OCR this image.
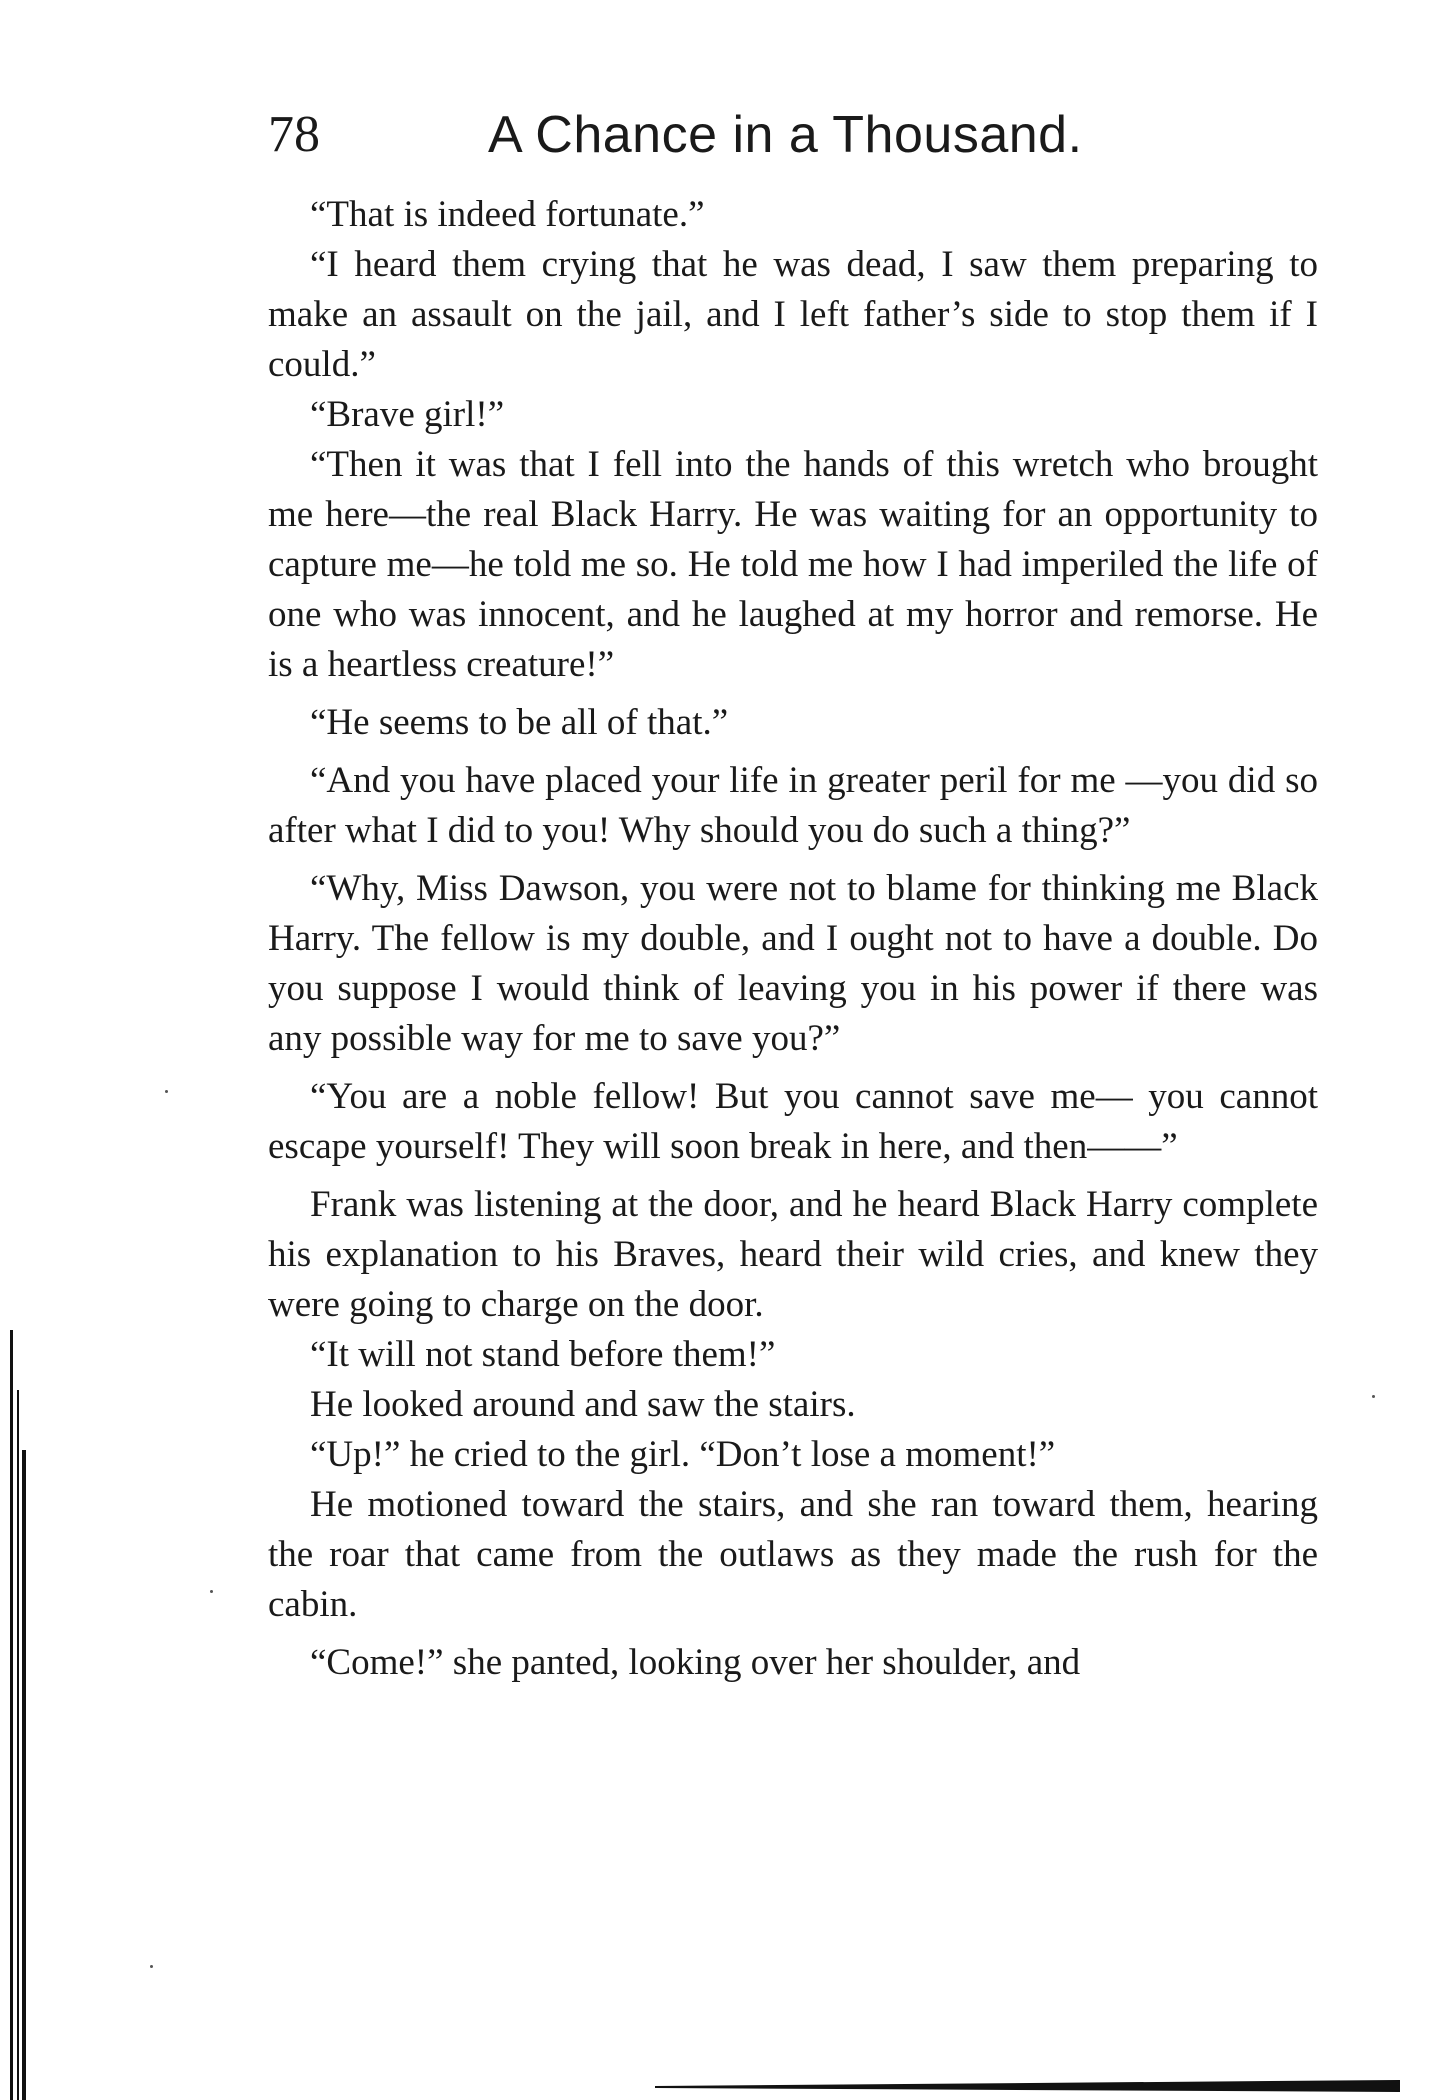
78	A Chance in a Thousand.

“That is indeed fortunate.”

“I heard them crying that he was dead, I saw them preparing to make an assault on the jail, and I left father’s side to stop them if I could.”

“Brave girl!”

“Then it was that I fell into the hands of this wretch who brought me here—the real Black Harry. He was waiting for an opportunity to capture me—he told me so. He told me how I had imperiled the life of one who was innocent, and he laughed at my horror and remorse. He is a heartless creature!”

“He seems to be all of that.”

“And you have placed your life in greater peril for me —you did so after what I did to you! Why should you do such a thing?”

“Why, Miss Dawson, you were not to blame for thinking me Black Harry. The fellow is my double, and I ought not to have a double. Do you suppose I would think of leaving you in his power if there was any possible way for me to save you?”

“You are a noble fellow! But you cannot save me— you cannot escape yourself! They will soon break in here, and then——”

Frank was listening at the door, and he heard Black Harry complete his explanation to his Braves, heard their wild cries, and knew they were going to charge on the door.

“It will not stand before them!”

He looked around and saw the stairs.

“Up!” he cried to the girl. “Don’t lose a moment!”

He motioned toward the stairs, and she ran toward them, hearing the roar that came from the outlaws as they made the rush for the cabin.

“Come!” she panted, looking over her shoulder, and
